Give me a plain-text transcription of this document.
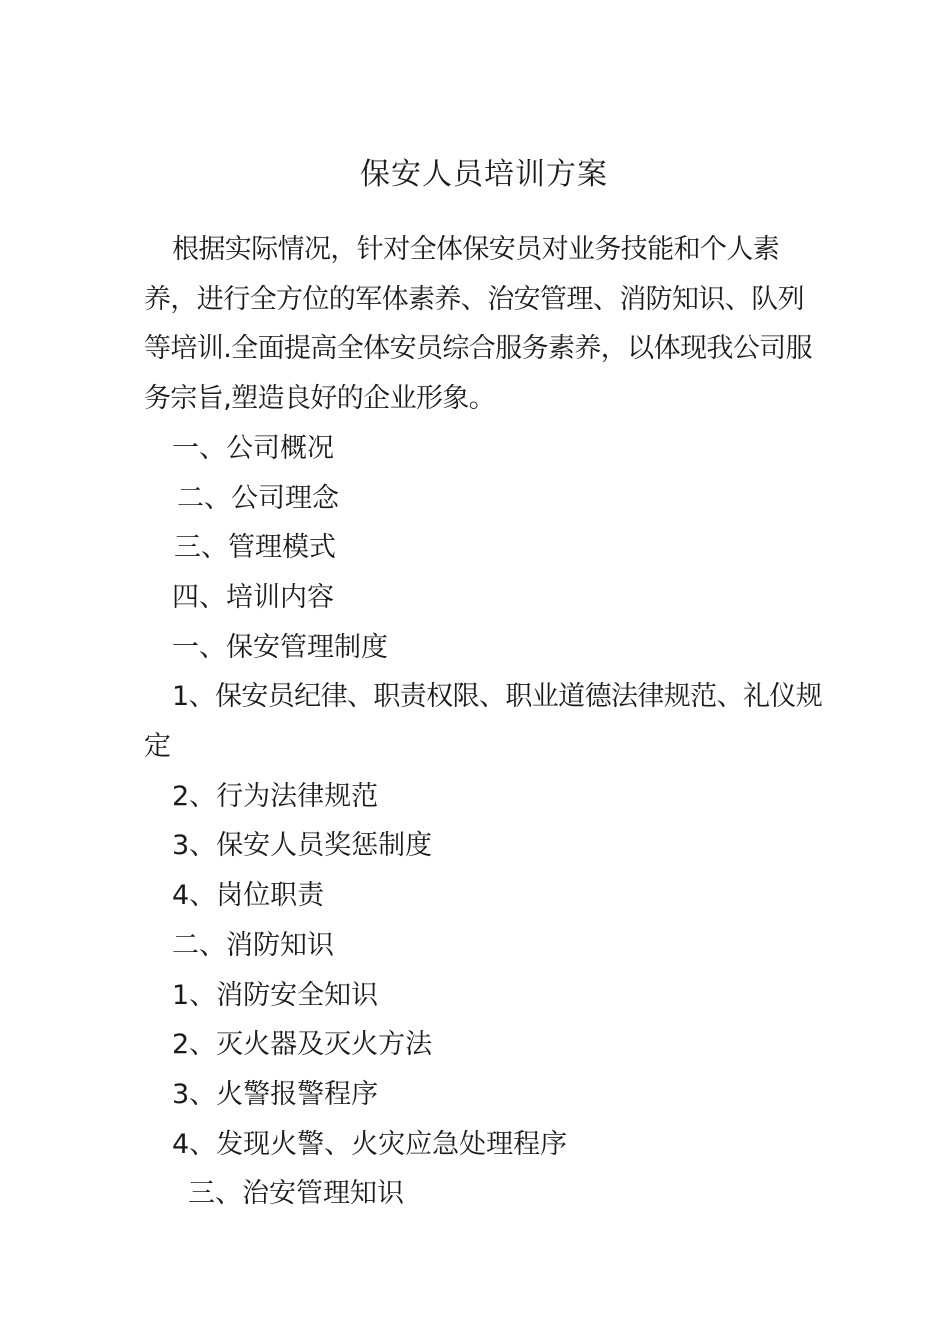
保安人员培训方案

根据实际情况，针对全体保安员对业务技能和个人素养，进行全方位的军体素养、治安管理、消防知识、队列等培训.全面提高全体安员综合服务素养，以体现我公司服务宗旨,塑造良好的企业形象。

一、公司概况

二、公司理念

三、管理模式

四、培训内容

一、保安管理制度

1、保安员纪律、职责权限、职业道德法律规范、礼仪规定

2、行为法律规范

3、保安人员奖惩制度

4、岗位职责

二、消防知识

1、消防安全知识

2、灭火器及灭火方法

3、火警报警程序

4、发现火警、火灾应急处理程序

三、治安管理知识
